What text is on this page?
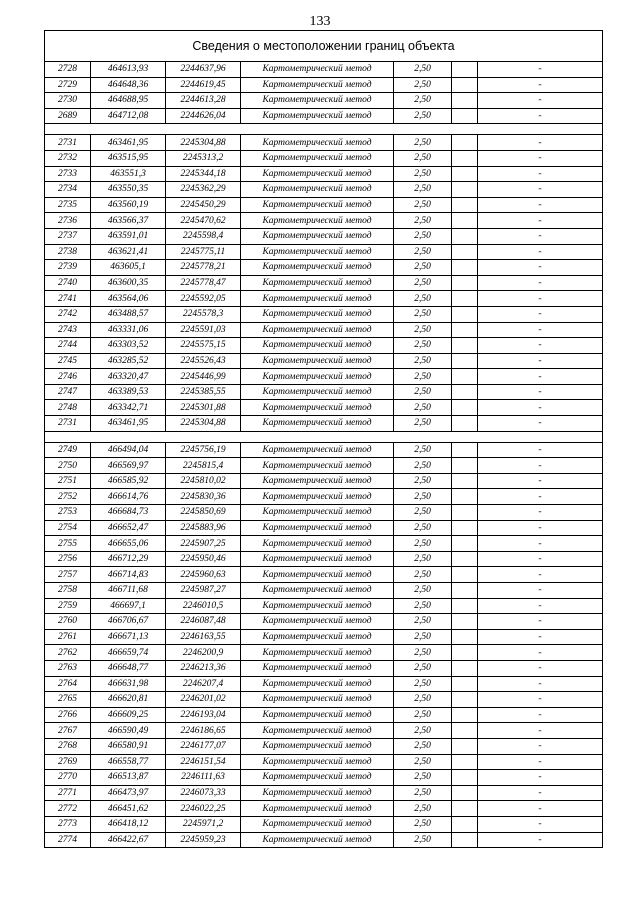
133
Сведения о местоположении границ объекта						
2728	464613,93	2244637,96	Картометрический метод	2,50		-
2729	464648,36	2244619,45	Картометрический метод	2,50		-
2730	464688,95	2244613,28	Картометрический метод	2,50		-
2689	464712,08	2244626,04	Картометрический метод	2,50		-

2731	463461,95	2245304,88	Картометрический метод	2,50		-
2732	463515,95	2245313,2	Картометрический метод	2,50		-
2733	463551,3	2245344,18	Картометрический метод	2,50		-
2734	463550,35	2245362,29	Картометрический метод	2,50		-
2735	463560,19	2245450,29	Картометрический метод	2,50		-
2736	463566,37	2245470,62	Картометрический метод	2,50		-
2737	463591,01	2245598,4	Картометрический метод	2,50		-
2738	463621,41	2245775,11	Картометрический метод	2,50		-
2739	463605,1	2245778,21	Картометрический метод	2,50		-
2740	463600,35	2245778,47	Картометрический метод	2,50		-
2741	463564,06	2245592,05	Картометрический метод	2,50		-
2742	463488,57	2245578,3	Картометрический метод	2,50		-
2743	463331,06	2245591,03	Картометрический метод	2,50		-
2744	463303,52	2245575,15	Картометрический метод	2,50		-
2745	463285,52	2245526,43	Картометрический метод	2,50		-
2746	463320,47	2245446,99	Картометрический метод	2,50		-
2747	463389,53	2245385,55	Картометрический метод	2,50		-
2748	463342,71	2245301,88	Картометрический метод	2,50		-
2731	463461,95	2245304,88	Картометрический метод	2,50		-

2749	466494,04	2245756,19	Картометрический метод	2,50		-
2750	466569,97	2245815,4	Картометрический метод	2,50		-
2751	466585,92	2245810,02	Картометрический метод	2,50		-
2752	466614,76	2245830,36	Картометрический метод	2,50		-
2753	466684,73	2245850,69	Картометрический метод	2,50		-
2754	466652,47	2245883,96	Картометрический метод	2,50		-
2755	466655,06	2245907,25	Картометрический метод	2,50		-
2756	466712,29	2245950,46	Картометрический метод	2,50		-
2757	466714,83	2245960,63	Картометрический метод	2,50		-
2758	466711,68	2245987,27	Картометрический метод	2,50		-
2759	466697,1	2246010,5	Картометрический метод	2,50		-
2760	466706,67	2246087,48	Картометрический метод	2,50		-
2761	466671,13	2246163,55	Картометрический метод	2,50		-
2762	466659,74	2246200,9	Картометрический метод	2,50		-
2763	466648,77	2246213,36	Картометрический метод	2,50		-
2764	466631,98	2246207,4	Картометрический метод	2,50		-
2765	466620,81	2246201,02	Картометрический метод	2,50		-
2766	466609,25	2246193,04	Картометрический метод	2,50		-
2767	466590,49	2246186,65	Картометрический метод	2,50		-
2768	466580,91	2246177,07	Картометрический метод	2,50		-
2769	466558,77	2246151,54	Картометрический метод	2,50		-
2770	466513,87	2246111,63	Картометрический метод	2,50		-
2771	466473,97	2246073,33	Картометрический метод	2,50		-
2772	466451,62	2246022,25	Картометрический метод	2,50		-
2773	466418,12	2245971,2	Картометрический метод	2,50		-
2774	466422,67	2245959,23	Картометрический метод	2,50		-
